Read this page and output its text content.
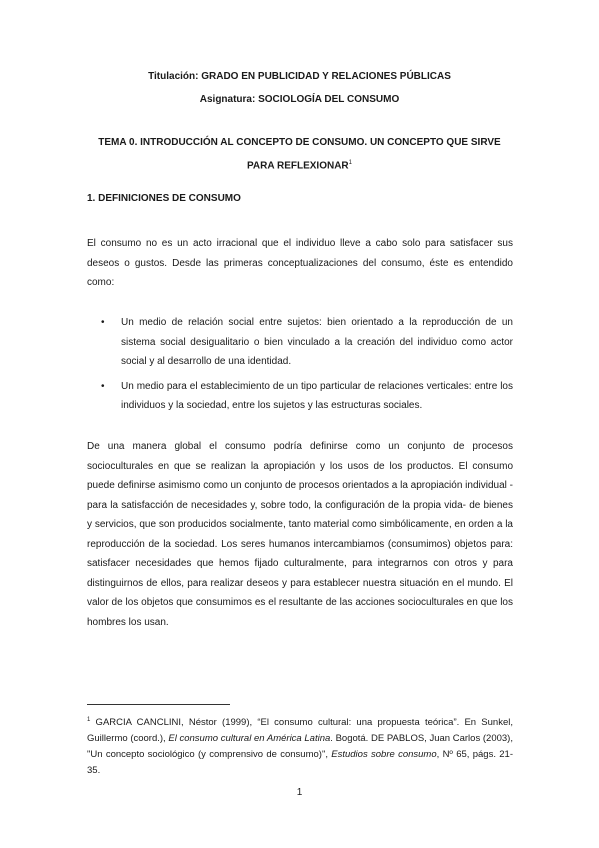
Titulación: GRADO EN PUBLICIDAD Y RELACIONES PÚBLICAS
Asignatura: SOCIOLOGÍA DEL CONSUMO
TEMA 0. INTRODUCCIÓN AL CONCEPTO DE CONSUMO. UN CONCEPTO QUE SIRVE PARA REFLEXIONAR$^1$
1. DEFINICIONES DE CONSUMO

El consumo no es un acto irracional que el individuo lleve a cabo solo para satisfacer sus deseos o gustos. Desde las primeras conceptualizaciones del consumo, éste es entendido como:

• Un medio de relación social entre sujetos: bien orientado a la reproducción de un sistema social desigualitario o bien vinculado a la creación del individuo como actor social y al desarrollo de una identidad.
• Un medio para el establecimiento de un tipo particular de relaciones verticales: entre los individuos y la sociedad, entre los sujetos y las estructuras sociales.

De una manera global el consumo podría definirse como un conjunto de procesos socioculturales en que se realizan la apropiación y los usos de los productos. El consumo puede definirse asimismo como un conjunto de procesos orientados a la apropiación individual -para la satisfacción de necesidades y, sobre todo, la configuración de la propia vida- de bienes y servicios, que son producidos socialmente, tanto material como simbólicamente, en orden a la reproducción de la sociedad. Los seres humanos intercambiamos (consumimos) objetos para: satisfacer necesidades que hemos fijado culturalmente, para integrarnos con otros y para distinguirnos de ellos, para realizar deseos y para establecer nuestra situación en el mundo. El valor de los objetos que consumimos es el resultante de las acciones socioculturales en que los hombres los usan.

$^1$ GARCIA CANCLINI, Néstor (1999), “El consumo cultural: una propuesta teórica”. En Sunkel, Guillermo (coord.), El consumo cultural en América Latina. Bogotá. DE PABLOS, Juan Carlos (2003), "Un concepto sociológico (y comprensivo de consumo)", Estudios sobre consumo, Nº 65, págs. 21-35.

1
